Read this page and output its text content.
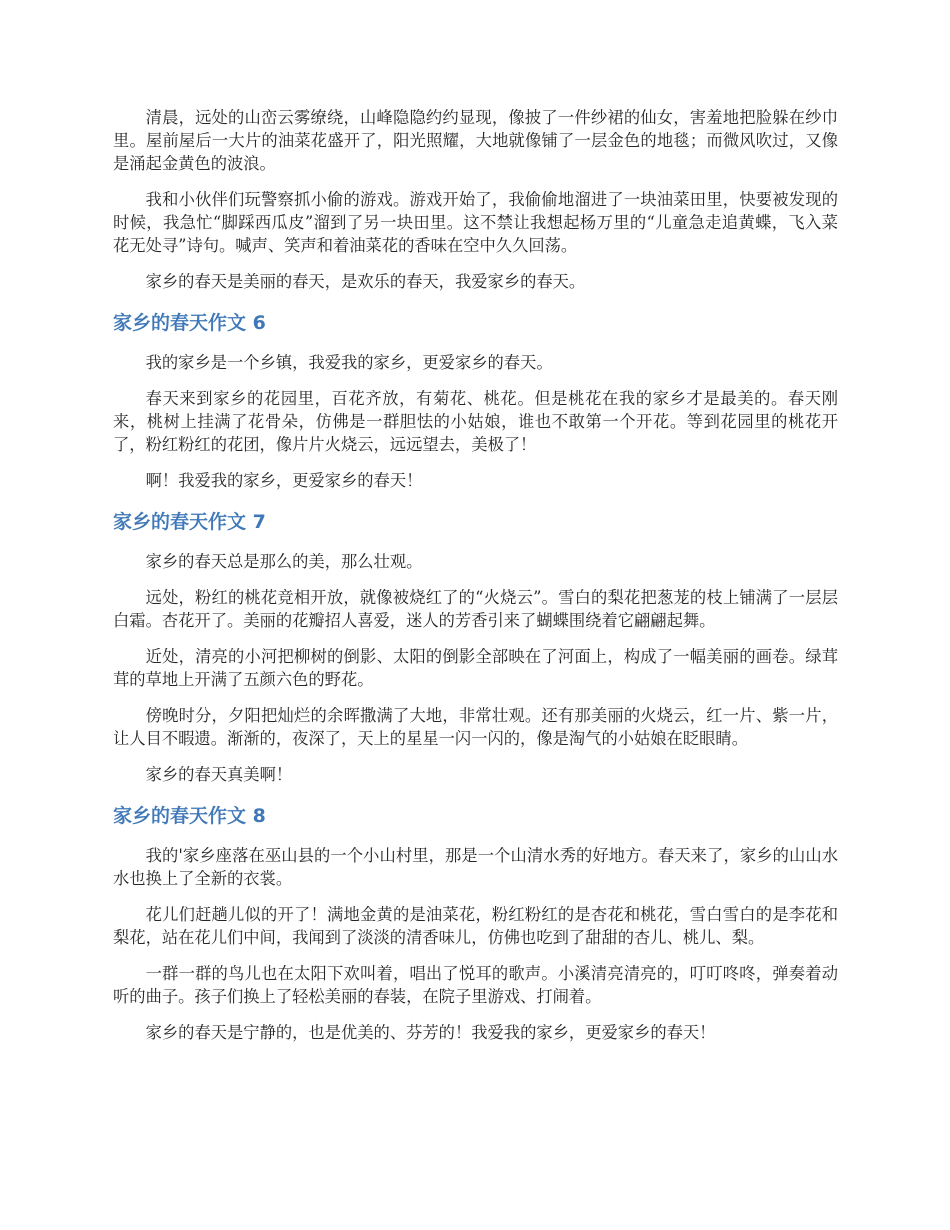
清晨，远处的山峦云雾缭绕，山峰隐隐约约显现，像披了一件纱裙的仙女，害羞地把脸躲在纱巾里。屋前屋后一大片的油菜花盛开了，阳光照耀，大地就像铺了一层金色的地毯；而微风吹过，又像是涌起金黄色的波浪。

我和小伙伴们玩警察抓小偷的游戏。游戏开始了，我偷偷地溜进了一块油菜田里，快要被发现的时候，我急忙“脚踩西瓜皮”溜到了另一块田里。这不禁让我想起杨万里的“儿童急走追黄蝶，飞入菜花无处寻”诗句。喊声、笑声和着油菜花的香味在空中久久回荡。

家乡的春天是美丽的春天，是欢乐的春天，我爱家乡的春天。

家乡的春天作文 6

我的家乡是一个乡镇，我爱我的家乡，更爱家乡的春天。

春天来到家乡的花园里，百花齐放，有菊花、桃花。但是桃花在我的家乡才是最美的。春天刚来，桃树上挂满了花骨朵，仿佛是一群胆怯的小姑娘，谁也不敢第一个开花。等到花园里的桃花开了，粉红粉红的花团，像片片火烧云，远远望去，美极了！

啊！我爱我的家乡，更爱家乡的春天！

家乡的春天作文 7

家乡的春天总是那么的美，那么壮观。

远处，粉红的桃花竞相开放，就像被烧红了的“火烧云”。雪白的梨花把葱茏的枝上铺满了一层层白霜。杏花开了。美丽的花瓣招人喜爱，迷人的芳香引来了蝴蝶围绕着它翩翩起舞。

近处，清亮的小河把柳树的倒影、太阳的倒影全部映在了河面上，构成了一幅美丽的画卷。绿茸茸的草地上开满了五颜六色的野花。

傍晚时分，夕阳把灿烂的余晖撒满了大地，非常壮观。还有那美丽的火烧云，红一片、紫一片，让人目不暇遗。渐渐的，夜深了，天上的星星一闪一闪的，像是淘气的小姑娘在眨眼睛。

家乡的春天真美啊！

家乡的春天作文 8

我的'家乡座落在巫山县的一个小山村里，那是一个山清水秀的好地方。春天来了，家乡的山山水水也换上了全新的衣裳。

花儿们赶趟儿似的开了！满地金黄的是油菜花，粉红粉红的是杏花和桃花，雪白雪白的是李花和梨花，站在花儿们中间，我闻到了淡淡的清香味儿，仿佛也吃到了甜甜的杏儿、桃儿、梨。

一群一群的鸟儿也在太阳下欢叫着，唱出了悦耳的歌声。小溪清亮清亮的，叮叮咚咚，弹奏着动听的曲子。孩子们换上了轻松美丽的春装，在院子里游戏、打闹着。

家乡的春天是宁静的，也是优美的、芬芳的！我爱我的家乡，更爱家乡的春天！
